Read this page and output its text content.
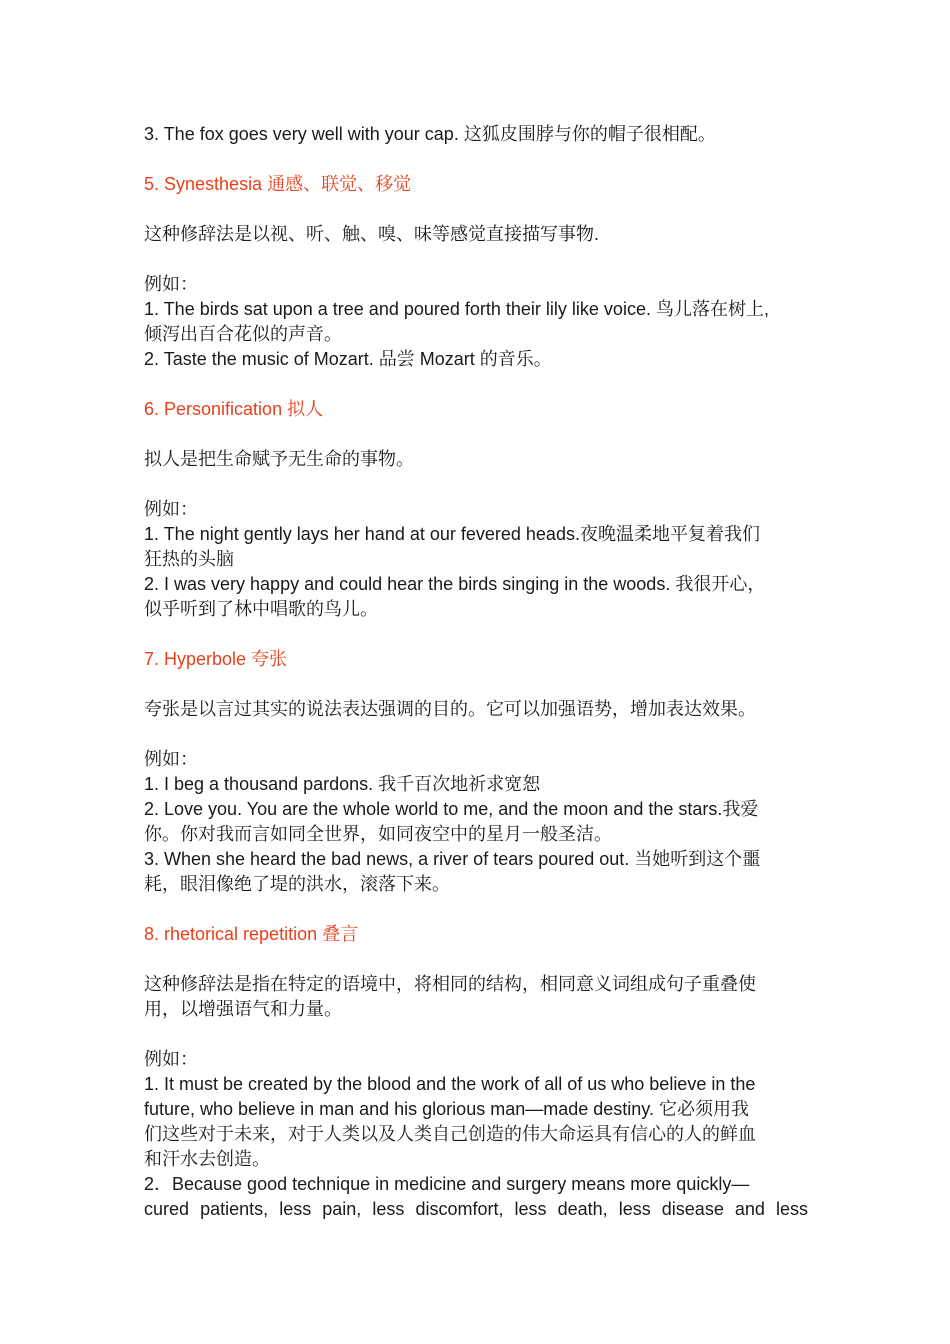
3. The fox goes very well with your cap. 这狐皮围脖与你的帽子很相配。
5. Synesthesia 通感、联觉、移觉
这种修辞法是以视、听、触、嗅、味等感觉直接描写事物.
例如：
1. The birds sat upon a tree and poured forth their lily like voice. 鸟儿落在树上,
倾泻出百合花似的声音。
2. Taste the music of Mozart. 品尝 Mozart 的音乐。
6. Personification 拟人
拟人是把生命赋予无生命的事物。
例如：
1. The night gently lays her hand at our fevered heads.夜晚温柔地平复着我们
狂热的头脑
2. I was very happy and could hear the birds singing in the woods. 我很开心，
似乎听到了林中唱歌的鸟儿。
7. Hyperbole 夸张
夸张是以言过其实的说法表达强调的目的。它可以加强语势，增加表达效果。
例如：
1. I beg a thousand pardons. 我千百次地祈求宽恕
2. Love you. You are the whole world to me, and the moon and the stars.我爱
你。你对我而言如同全世界，如同夜空中的星月一般圣洁。
3. When she heard the bad news, a river of tears poured out. 当她听到这个噩
耗，眼泪像绝了堤的洪水，滚落下来。
8. rhetorical repetition 叠言
这种修辞法是指在特定的语境中，将相同的结构，相同意义词组成句子重叠使
用，以增强语气和力量。
例如：
1. It must be created by the blood and the work of all of us who believe in the
future, who believe in man and his glorious man—made destiny. 它必须用我
们这些对于未来，对于人类以及人类自己创造的伟大命运具有信心的人的鲜血
和汗水去创造。
2．Because good technique in medicine and surgery means more quickly—
cured patients, less pain, less discomfort, less death, less disease and less
